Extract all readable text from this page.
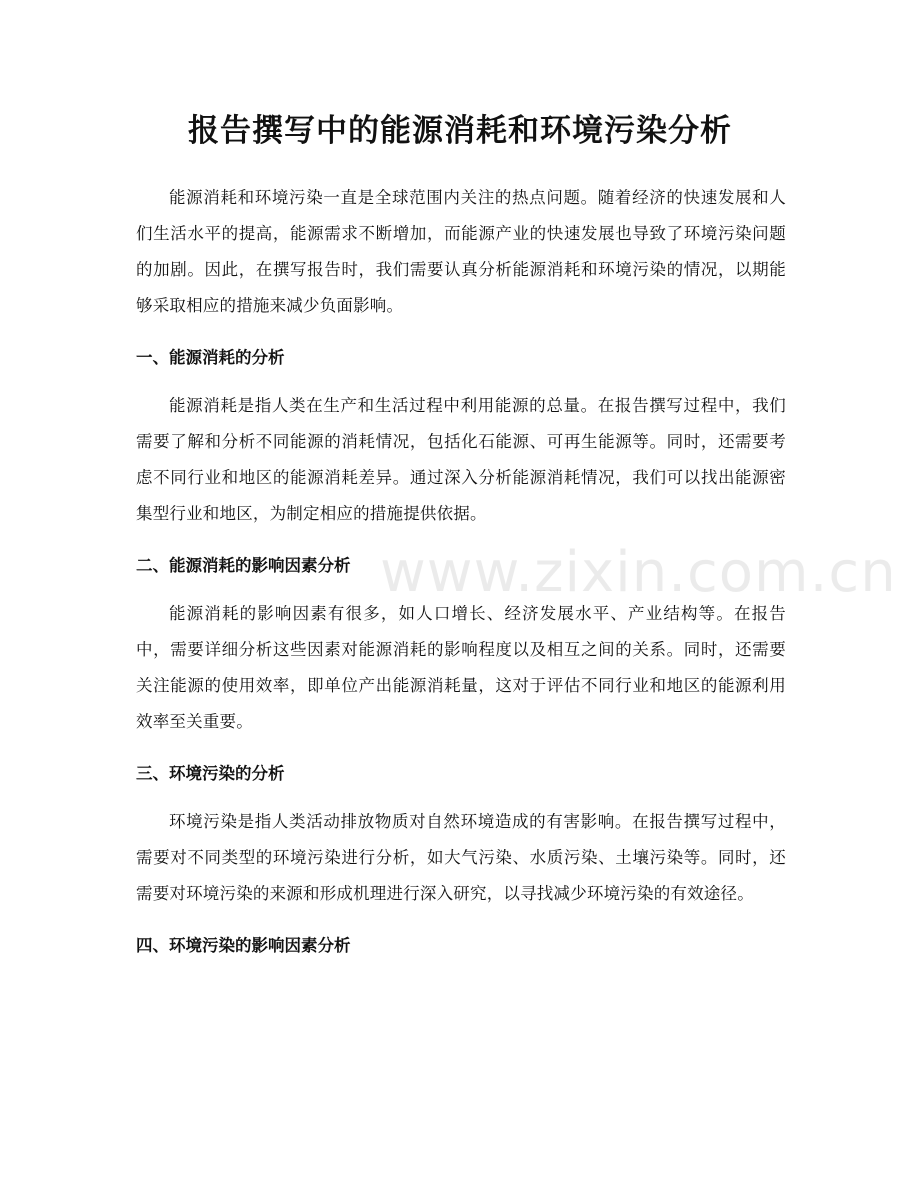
报告撰写中的能源消耗和环境污染分析

能源消耗和环境污染一直是全球范围内关注的热点问题。随着经济的快速发展和人们生活水平的提高，能源需求不断增加，而能源产业的快速发展也导致了环境污染问题的加剧。因此，在撰写报告时，我们需要认真分析能源消耗和环境污染的情况，以期能够采取相应的措施来减少负面影响。

一、能源消耗的分析

能源消耗是指人类在生产和生活过程中利用能源的总量。在报告撰写过程中，我们需要了解和分析不同能源的消耗情况，包括化石能源、可再生能源等。同时，还需要考虑不同行业和地区的能源消耗差异。通过深入分析能源消耗情况，我们可以找出能源密集型行业和地区，为制定相应的措施提供依据。

二、能源消耗的影响因素分析

能源消耗的影响因素有很多，如人口增长、经济发展水平、产业结构等。在报告中，需要详细分析这些因素对能源消耗的影响程度以及相互之间的关系。同时，还需要关注能源的使用效率，即单位产出能源消耗量，这对于评估不同行业和地区的能源利用效率至关重要。

三、环境污染的分析

环境污染是指人类活动排放物质对自然环境造成的有害影响。在报告撰写过程中，需要对不同类型的环境污染进行分析，如大气污染、水质污染、土壤污染等。同时，还需要对环境污染的来源和形成机理进行深入研究，以寻找减少环境污染的有效途径。

四、环境污染的影响因素分析
www.zixin.com.cn
